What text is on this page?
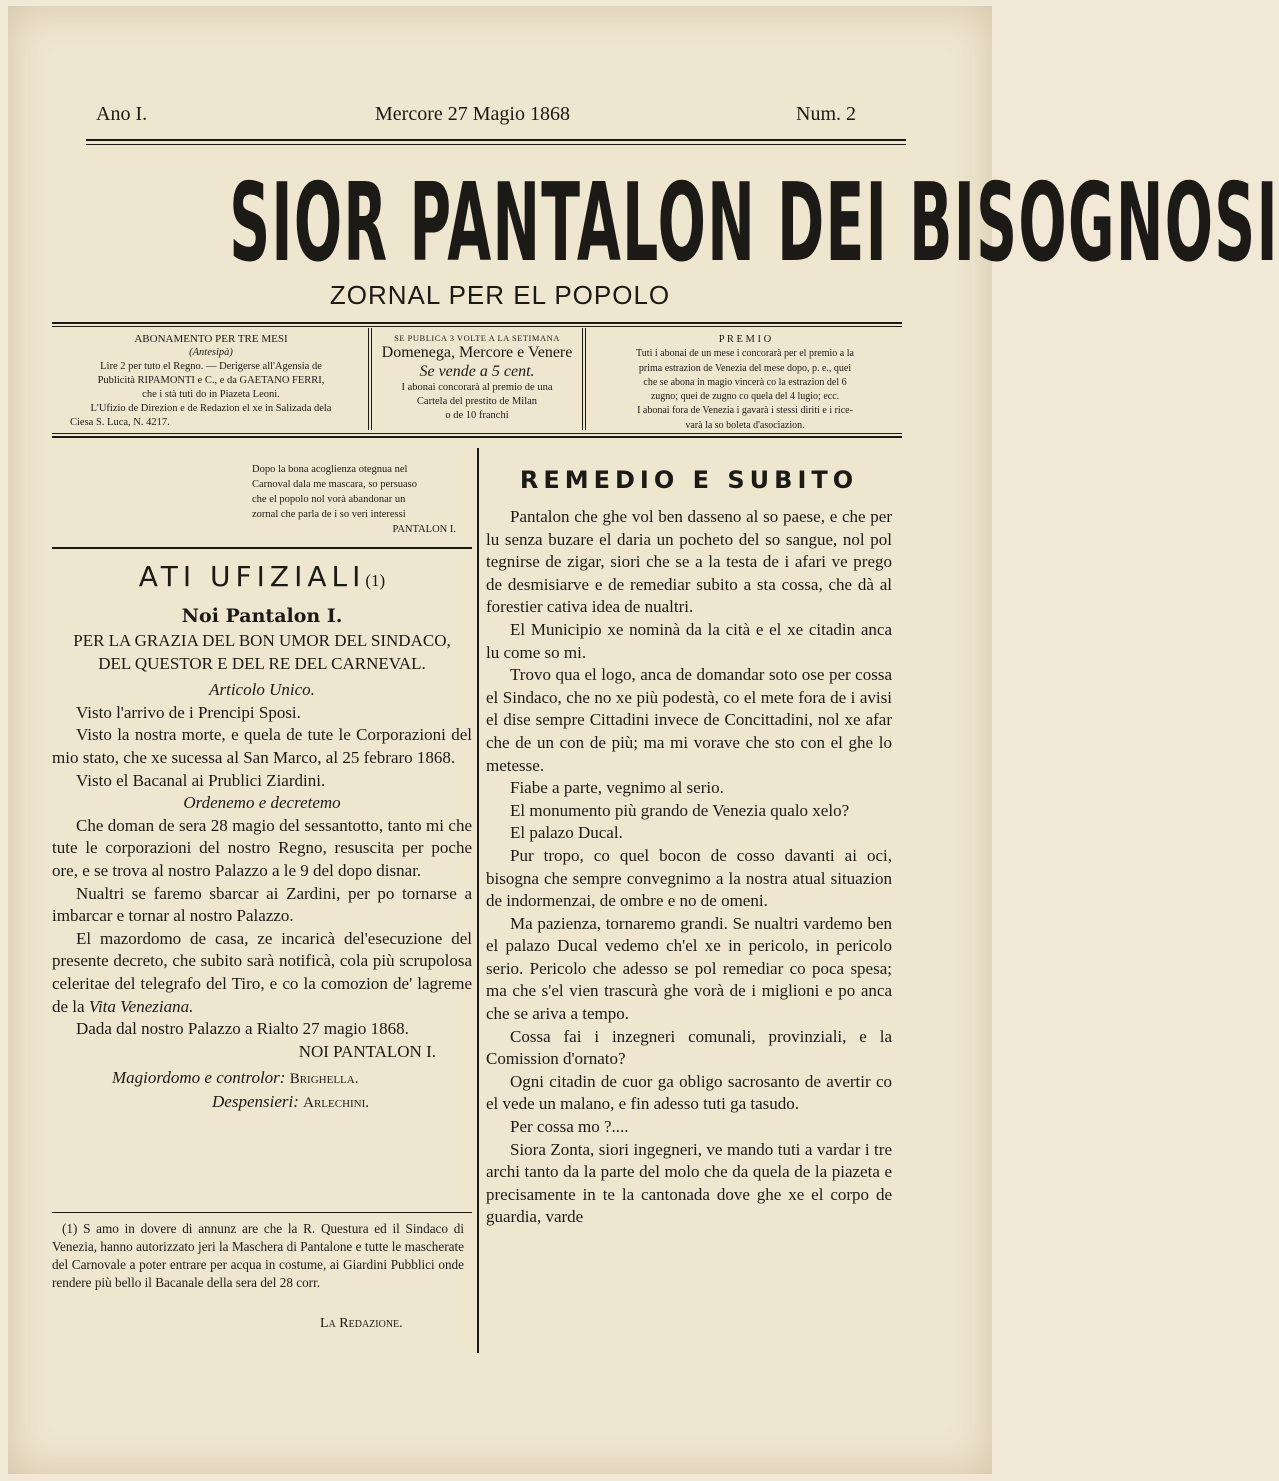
Ano I.	Mercore 27 Magio 1868	Num. 2
SIOR PANTALON DEI BISOGNOSI
ZORNAL PER EL POPOLO
ABONAMENTO PER TRE MESI
(Antesipà)
Lire 2 per tuto el Regno. — Derigerse all'Agensia de
Publicità RIPAMONTI e C., e da GAETANO FERRI,
che i stà tuti do in Piazeta Leoni.
L'Ufizio de Direzion e de Redazion el xe in Salizada dela
Ciesa S. Luca, N. 4217.
SE PUBLICA 3 VOLTE A LA SETIMANA
Domenega, Mercore e Venere
Se vende a 5 cent.
I abonai concorarà al premio de una
Cartela del prestito de Milan
o de 10 franchi
P R E M I O
Tuti i abonai de un mese i concorarà per el premio a la
prima estrazion de Venezia del mese dopo, p. e., quei
che se abona in magio vincerà co la estrazion del 6
zugno; quei de zugno co quela del 4 lugio; ecc.
I abonai fora de Venezia i gavarà i stessi diriti e i rice-
varà la so boleta d'asociazion.
Dopo la bona acoglienza otegnua nel
Carnoval dala me mascara, so persuaso
che el popolo nol vorà abandonar un
zornal che parla de i so veri interessi
PANTALON I.
ATI UFIZIALI(1)
Noi Pantalon I.
PER LA GRAZIA DEL BON UMOR DEL SINDACO,
DEL QUESTOR E DEL RE DEL CARNEVAL.
Articolo Unico.
Visto l'arrivo de i Prencipi Sposi.
Visto la nostra morte, e quela de tute le Corporazioni del mio stato, che xe sucessa al San Marco, al 25 febraro 1868.
Visto el Bacanal ai Prublici Ziardini.
Ordenemo e decretemo
Che doman de sera 28 magio del sessantotto, tanto mi che tute le corporazioni del nostro Regno, resuscita per poche ore, e se trova al nostro Palazzo a le 9 del dopo disnar.
Nualtri se faremo sbarcar ai Zardini, per po tornarse a imbarcar e tornar al nostro Palazzo.
El mazordomo de casa, ze incaricà del'esecuzione del presente decreto, che subito sarà notificà, cola più scrupolosa celeritae del telegrafo del Tiro, e co la comozion de' lagreme de la Vita Veneziana.
Dada dal nostro Palazzo a Rialto 27 magio 1868.
NOI PANTALON I.
Magiordomo e controlor: Brighella.
Despensieri: Arlechini.
(1) S amo in dovere di annunz are che la R. Questura ed il Sindaco di Venezia, hanno autorizzato jeri la Maschera di Pantalone e tutte le mascherate del Carnovale a poter entrare per acqua in costume, ai Giardini Pubblici onde rendere più bello il Bacanale della sera del 28 corr.
La Redazione.
REMEDIO E SUBITO
Pantalon che ghe vol ben dasseno al so paese, e che per lu senza buzare el daria un pocheto del so sangue, nol pol tegnirse de zigar, siori che se a la testa de i afari ve prego de desmisiarve e de remediar subito a sta cossa, che dà al forestier cativa idea de nualtri.
El Municipio xe nominà da la cità e el xe citadin anca lu come so mi.
Trovo qua el logo, anca de domandar soto ose per cossa el Sindaco, che no xe più podestà, co el mete fora de i avisi el dise sempre Cittadini invece de Concittadini, nol xe afar che de un con de più; ma mi vorave che sto con el ghe lo metesse.
Fiabe a parte, vegnimo al serio.
El monumento più grando de Venezia qualo xelo?
El palazo Ducal.
Pur tropo, co quel bocon de cosso davanti ai oci, bisogna che sempre convegnimo a la nostra atual situazion de indormenzai, de ombre e no de omeni.
Ma pazienza, tornaremo grandi. Se nualtri vardemo ben el palazo Ducal vedemo ch'el xe in pericolo, in pericolo serio. Pericolo che adesso se pol remediar co poca spesa; ma che s'el vien trascurà ghe vorà de i miglioni e po anca che se ariva a tempo.
Cossa fai i inzegneri comunali, provinziali, e la Comission d'ornato?
Ogni citadin de cuor ga obligo sacrosanto de avertir co el vede un malano, e fin adesso tuti ga tasudo.
Per cossa mo ?....
Siora Zonta, siori ingegneri, ve mando tuti a vardar i tre archi tanto da la parte del molo che da quela de la piazeta e precisamente in te la cantonada dove ghe xe el corpo de guardia, varde
